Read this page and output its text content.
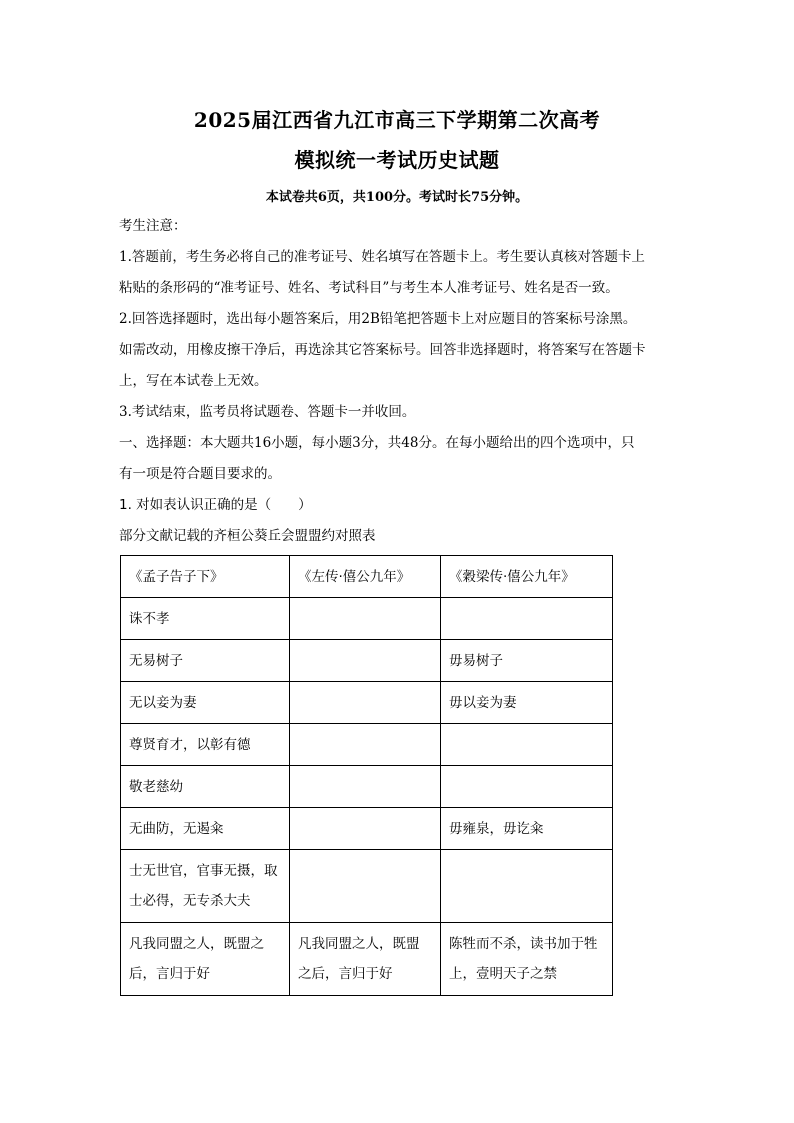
2025届江西省九江市高三下学期第二次高考
模拟统一考试历史试题
本试卷共6页，共100分。考试时长75分钟。
考生注意：
1.答题前，考生务必将自己的准考证号、姓名填写在答题卡上。考生要认真核对答题卡上
粘贴的条形码的“准考证号、姓名、考试科目”与考生本人准考证号、姓名是否一致。
2.回答选择题时，选出每小题答案后，用2B铅笔把答题卡上对应题目的答案标号涂黑。
如需改动，用橡皮擦干净后，再选涂其它答案标号。回答非选择题时，将答案写在答题卡
上，写在本试卷上无效。
3.考试结束，监考员将试题卷、答题卡一并收回。
一、选择题：本大题共16小题，每小题3分，共48分。在每小题给出的四个选项中，只
有一项是符合题目要求的。
1. 对如表认识正确的是（　　）
部分文献记载的齐桓公葵丘会盟盟约对照表
《孟子告子下》	《左传·僖公九年》	《穀梁传·僖公九年》
诛不孝		
无易树子		毋易树子
无以妾为妻		毋以妾为妻
尊贤育才，以彰有德		
敬老慈幼		
无曲防，无遏籴		毋雍泉，毋讫籴
士无世官，官事无摄，取士必得，无专杀大夫		
凡我同盟之人，既盟之后，言归于好	凡我同盟之人，既盟之后，言归于好	陈牲而不杀，读书加于牲上，壹明天子之禁
